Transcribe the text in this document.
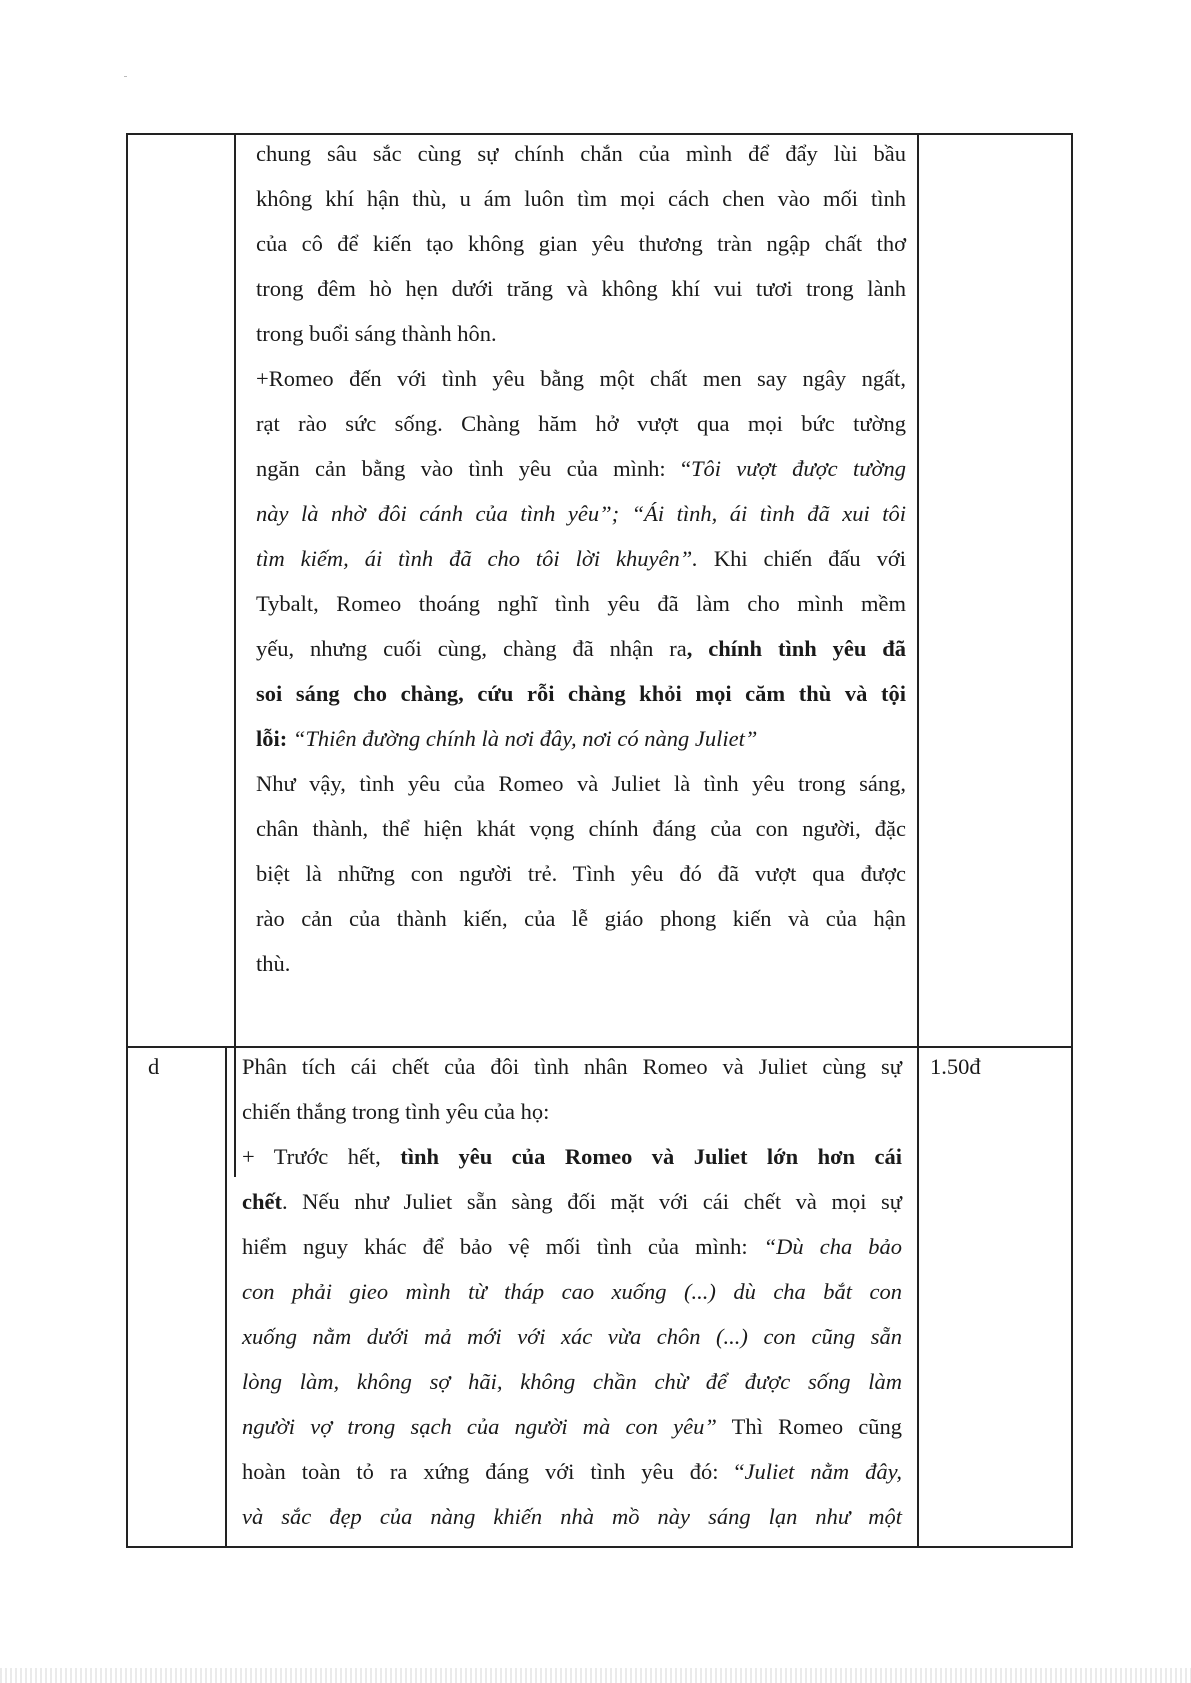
chung sâu sắc cùng sự chính chắn của mình để đẩy lùi bầu

không khí hận thù, u ám luôn tìm mọi cách chen vào mối tình

của cô để kiến tạo không gian yêu thương tràn ngập chất thơ

trong đêm hò hẹn dưới trăng và không khí vui tươi trong lành

trong buổi sáng thành hôn.

+Romeo đến với tình yêu bằng một chất men say ngây ngất,

rạt rào sức sống. Chàng hăm hở vượt qua mọi bức tường

ngăn cản bằng vào tình yêu của mình: “Tôi vượt được tường

này là nhờ đôi cánh của tình yêu”; “Ái tình, ái tình đã xui tôi

tìm kiếm, ái tình đã cho tôi lời khuyên”. Khi chiến đấu với

Tybalt, Romeo thoáng nghĩ tình yêu đã làm cho mình mềm

yếu, nhưng cuối cùng, chàng đã nhận ra, chính tình yêu đã

soi sáng cho chàng, cứu rỗi chàng khỏi mọi căm thù và tội

lỗi: “Thiên đường chính là nơi đây, nơi có nàng Juliet”

Như vậy, tình yêu của Romeo và Juliet là tình yêu trong sáng,

chân thành, thể hiện khát vọng chính đáng của con người, đặc

biệt là những con người trẻ. Tình yêu đó đã vượt qua được

rào cản của thành kiến, của lễ giáo phong kiến và của hận

thù.

d	1.50đ

Phân tích cái chết của đôi tình nhân Romeo và Juliet cùng sự

chiến thắng trong tình yêu của họ:

+ Trước hết, tình yêu của Romeo và Juliet lớn hơn cái

chết. Nếu như Juliet sẵn sàng đối mặt với cái chết và mọi sự

hiểm nguy khác để bảo vệ mối tình của mình: “Dù cha bảo

con phải gieo mình từ tháp cao xuống (...) dù cha bắt con

xuống nằm dưới mả mới với xác vừa chôn (...) con cũng sẵn

lòng làm, không sợ hãi, không chần chừ để được sống làm

người vợ trong sạch của người mà con yêu” Thì Romeo cũng

hoàn toàn tỏ ra xứng đáng với tình yêu đó: “Juliet nằm đây,

và sắc đẹp của nàng khiến nhà mồ này sáng lạn như một
